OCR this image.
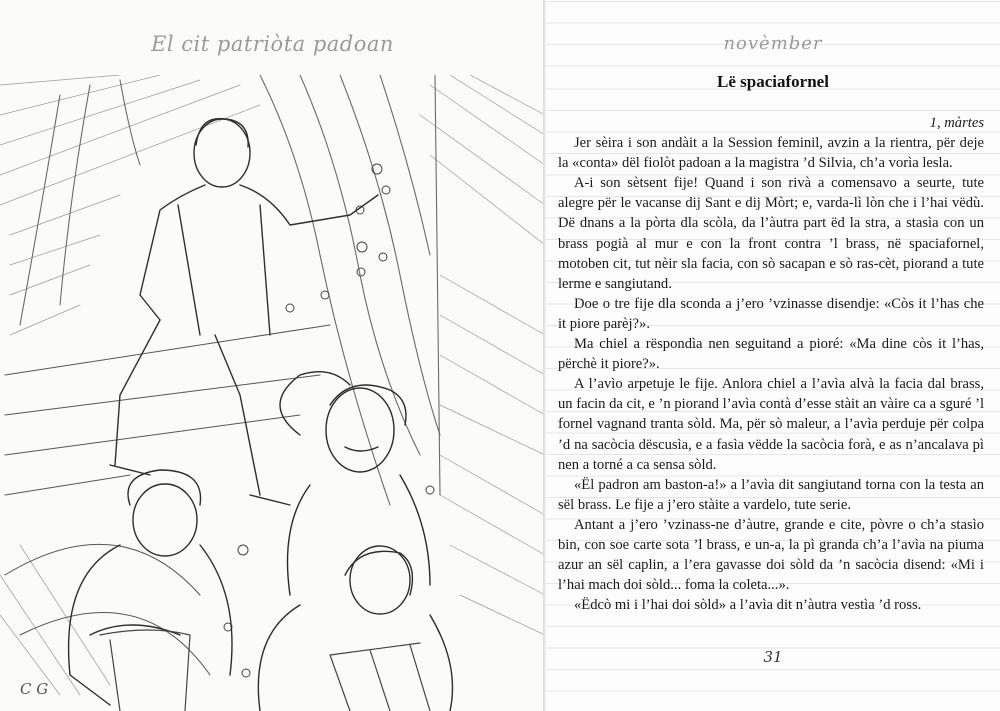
El cit patriòta padoan
C G
novèmber
Lë spaciafornel

1, màrtes

Jer sèira i son andàit a la Session feminil, avzin a la rientra, për deje la «conta» dël fiolòt padoan a la magistra ’d Silvia, ch’a vorìa lesla.

A-i son sètsent fije! Quand i son rivà a comensavo a seurte, tute alegre për le vacanse dij Sant e dij Mòrt; e, varda-lì lòn che i l’hai vëdù. Dë dnans a la pòrta dla scòla, da l’àutra part ëd la stra, a stasìa con un brass pogià al mur e con la front contra ’l brass, në spaciafornel, motoben cit, tut nèir sla facia, con sò sacapan e sò ras-cèt, piorand a tute lerme e sangiutand.

Doe o tre fije dla sconda a j’ero ’vzinasse disendje: «Còs it l’has che it piore parèj?».

Ma chiel a rëspondìa nen seguitand a pioré: «Ma dine còs it l’has, përchè it piore?».

A l’avìo arpetuje le fije. Anlora chiel a l’avìa alvà la facia dal brass, un facin da cit, e ’n piorand l’avìa contà d’esse stàit an vàire ca a sguré ’l fornel vagnand tranta sòld. Ma, për sò maleur, a l’avìa perduje për colpa ’d na sacòcia dëscusìa, e a fasìa vëdde la sacòcia forà, e as n’ancalava pì nen a torné a ca sensa sòld.

«Ël padron am baston-a!» a l’avìa dit sangiutand torna con la testa an sël brass. Le fije a j’ero stàite a vardelo, tute serie.

Antant a j’ero ’vzinass-ne d’àutre, grande e cite, pòvre o ch’a stasìo bin, con soe carte sota ’l brass, e un-a, la pì granda ch’a l’avìa na piuma azur an sël caplin, a l’era gavasse doi sòld da ’n sacòcia disend: «Mi i l’hai mach doi sòld... foma la coleta...».

«Ëdcò mi i l’hai doi sòld» a l’avìa dit n’àutra vestìa ’d ross.

31
